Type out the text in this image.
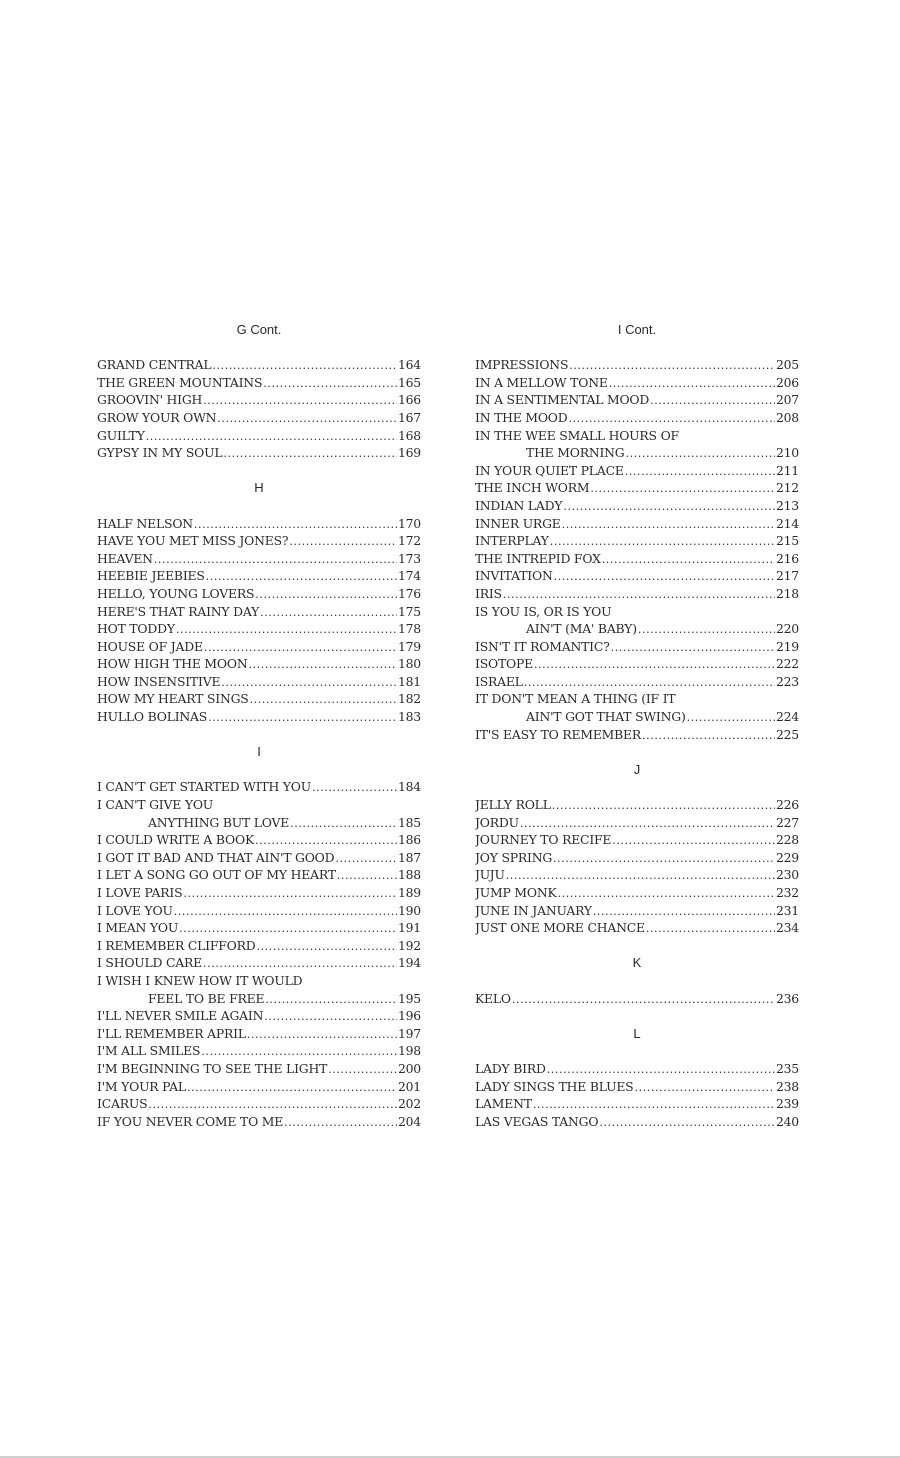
G Cont.
GRAND CENTRAL .....	164
THE GREEN MOUNTAINS .....	165
GROOVIN' HIGH .....	166
GROW YOUR OWN .....	167
GUILTY .....	168
GYPSY IN MY SOUL .....	169
H
HALF NELSON .....	170
HAVE YOU MET MISS JONES? .....	172
HEAVEN .....	173
HEEBIE JEEBIES .....	174
HELLO, YOUNG LOVERS .....	176
HERE'S THAT RAINY DAY .....	175
HOT TODDY .....	178
HOUSE OF JADE .....	179
HOW HIGH THE MOON .....	180
HOW INSENSITIVE .....	181
HOW MY HEART SINGS .....	182
HULLO BOLINAS .....	183
I
I CAN'T GET STARTED WITH YOU .....	184
I CAN'T GIVE YOU
ANYTHING BUT LOVE .....	185
I COULD WRITE A BOOK .....	186
I GOT IT BAD AND THAT AIN'T GOOD .....	187
I LET A SONG GO OUT OF MY HEART .....	188
I LOVE PARIS .....	189
I LOVE YOU .....	190
I MEAN YOU .....	191
I REMEMBER CLIFFORD .....	192
I SHOULD CARE .....	194
I WISH I KNEW HOW IT WOULD
FEEL TO BE FREE .....	195
I'LL NEVER SMILE AGAIN .....	196
I'LL REMEMBER APRIL .....	197
I'M ALL SMILES .....	198
I'M BEGINNING TO SEE THE LIGHT .....	200
I'M YOUR PAL .....	201
ICARUS .....	202
IF YOU NEVER COME TO ME .....	204
I Cont.
IMPRESSIONS .....	205
IN A MELLOW TONE .....	206
IN A SENTIMENTAL MOOD .....	207
IN THE MOOD .....	208
IN THE WEE SMALL HOURS OF
THE MORNING .....	210
IN YOUR QUIET PLACE .....	211
THE INCH WORM .....	212
INDIAN LADY .....	213
INNER URGE .....	214
INTERPLAY .....	215
THE INTREPID FOX .....	216
INVITATION .....	217
IRIS .....	218
IS YOU IS, OR IS YOU
AIN'T (MA' BABY) .....	220
ISN'T IT ROMANTIC? .....	219
ISOTOPE .....	222
ISRAEL .....	223
IT DON'T MEAN A THING (IF IT
AIN'T GOT THAT SWING) .....	224
IT'S EASY TO REMEMBER .....	225
J
JELLY ROLL .....	226
JORDU .....	227
JOURNEY TO RECIFE .....	228
JOY SPRING .....	229
JUJU .....	230
JUMP MONK .....	232
JUNE IN JANUARY .....	231
JUST ONE MORE CHANCE .....	234
K
KELO .....	236
L
LADY BIRD .....	235
LADY SINGS THE BLUES .....	238
LAMENT .....	239
LAS VEGAS TANGO .....	240
